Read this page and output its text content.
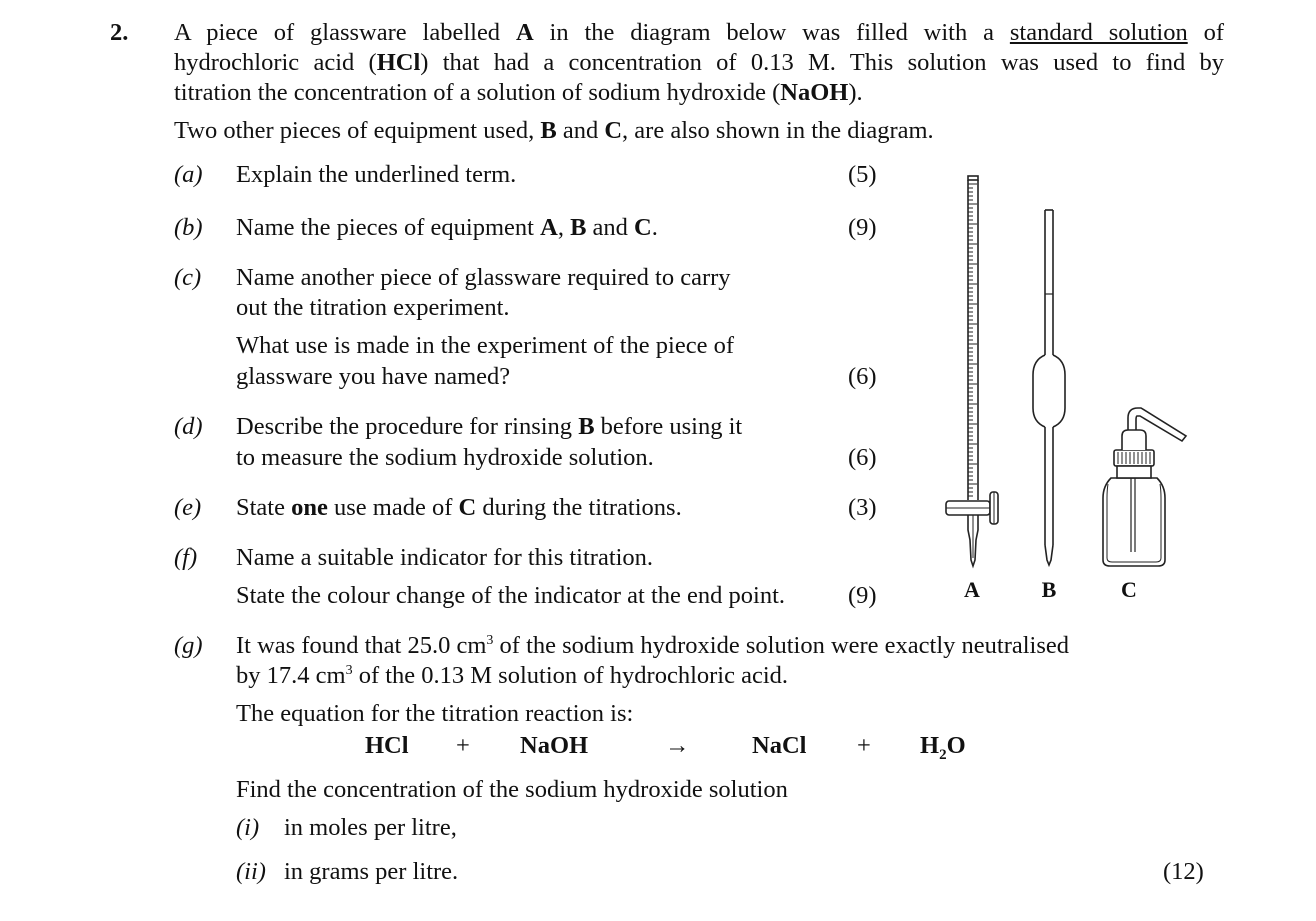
2. A piece of glassware labelled A in the diagram below was filled with a standard solution of
hydrochloric acid (HCl) that had a concentration of 0.13 M. This solution was used to find by
titration the concentration of a solution of sodium hydroxide (NaOH).
Two other pieces of equipment used, B and C, are also shown in the diagram.
(a) Explain the underlined term.	(5)
(b) Name the pieces of equipment A, B and C.	(9)
(c) Name another piece of glassware required to carry
out the titration experiment.
What use is made in the experiment of the piece of
glassware you have named?	(6)
(d) Describe the procedure for rinsing B before using it
to measure the sodium hydroxide solution.	(6)
(e) State one use made of C during the titrations.	(3)
(f) Name a suitable indicator for this titration.
State the colour change of the indicator at the end point.	(9)
(g) It was found that 25.0 $cm^3$ of the sodium hydroxide solution were exactly neutralised
by 17.4 $cm^3$ of the 0.13 M solution of hydrochloric acid.
The equation for the titration reaction is:
HCl + NaOH	→	NaCl + $H_2O$
Find the concentration of the sodium hydroxide solution
(i) in moles per litre,
(ii) in grams per litre.	(12)
A	B	C
